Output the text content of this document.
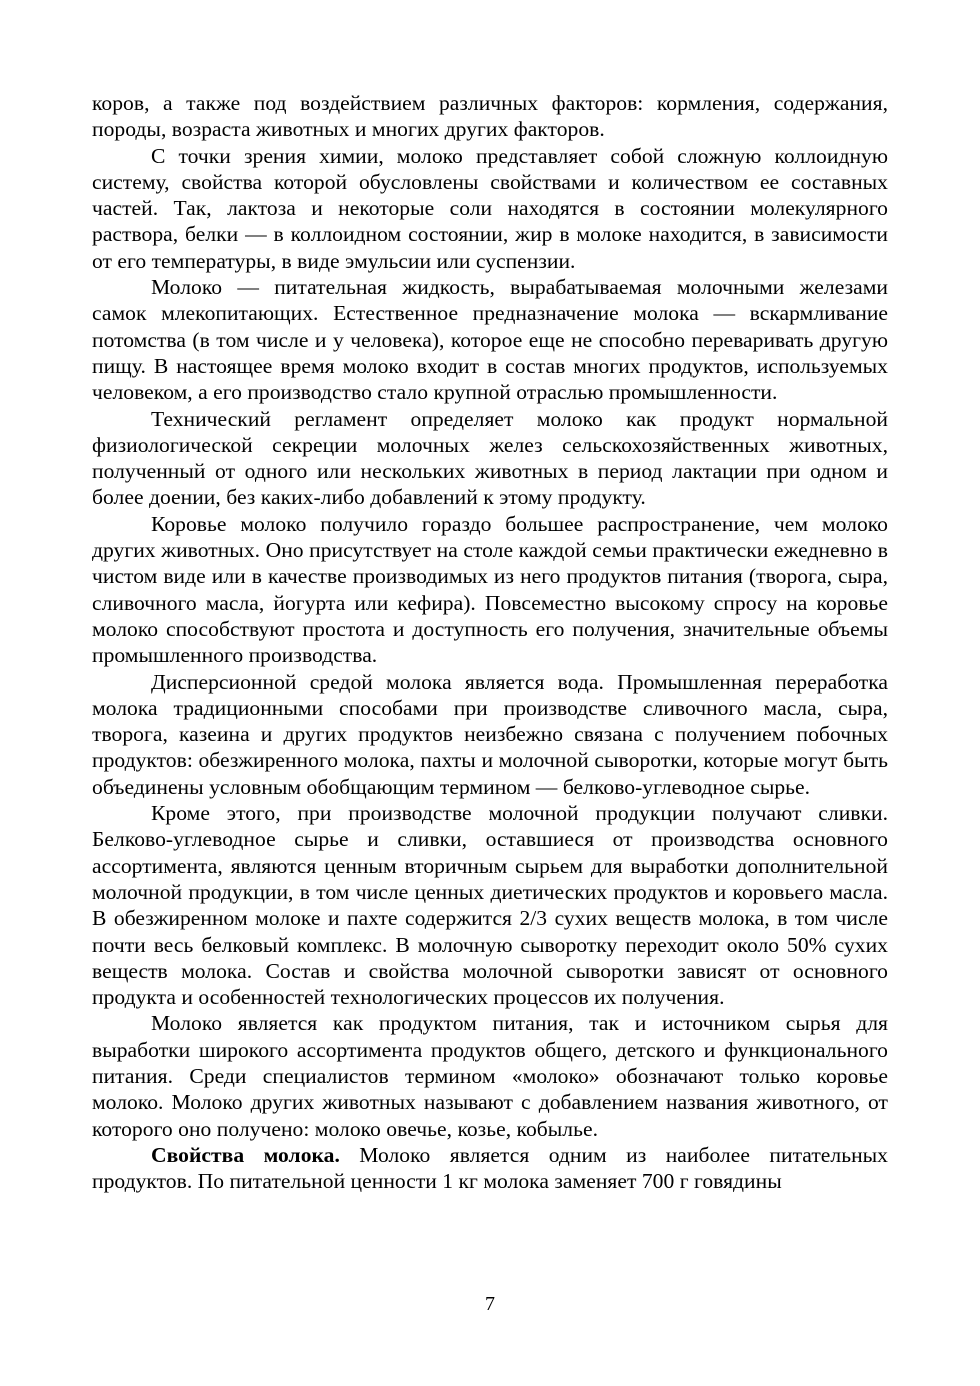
коров, а также под воздействием различных факторов: кормления, содержания, породы, возраста животных и многих других факторов.

С точки зрения химии, молоко представляет собой сложную коллоидную систему, свойства которой обусловлены свойствами и количеством ее составных частей. Так, лактоза и некоторые соли находятся в состоянии молекулярного раствора, белки — в коллоидном состоянии, жир в молоке находится, в зависимости от его температуры, в виде эмульсии или суспензии.

Молоко — питательная жидкость, вырабатываемая молочными железами самок млекопитающих. Естественное предназначение молока — вскармливание потомства (в том числе и у человека), которое еще не способно переваривать другую пищу. В настоящее время молоко входит в состав многих продуктов, используемых человеком, а его производство стало крупной отраслью промышленности.

Технический регламент определяет молоко как продукт нормальной физиологической секреции молочных желез сельскохозяйственных животных, полученный от одного или нескольких животных в период лактации при одном и более доении, без каких-либо добавлений к этому продукту.

Коровье молоко получило гораздо большее распространение, чем молоко других животных. Оно присутствует на столе каждой семьи практически ежедневно в чистом виде или в качестве производимых из него продуктов питания (творога, сыра, сливочного масла, йогурта или кефира). Повсеместно высокому спросу на коровье молоко способствуют простота и доступность его получения, значительные объемы промышленного производства.

Дисперсионной средой молока является вода. Промышленная переработка молока традиционными способами при производстве сливочного масла, сыра, творога, казеина и других продуктов неизбежно связана с получением побочных продуктов: обезжиренного молока, пахты и молочной сыворотки, которые могут быть объединены условным обобщающим термином — белково-углеводное сырье.

Кроме этого, при производстве молочной продукции получают сливки. Белково-углеводное сырье и сливки, оставшиеся от производства основного ассортимента, являются ценным вторичным сырьем для выработки дополнительной молочной продукции, в том числе ценных диетических продуктов и коровьего масла. В обезжиренном молоке и пахте содержится 2/3 сухих веществ молока, в том числе почти весь белковый комплекс. В молочную сыворотку переходит около 50% сухих веществ молока. Состав и свойства молочной сыворотки зависят от основного продукта и особенностей технологических процессов их получения.

Молоко является как продуктом питания, так и источником сырья для выработки широкого ассортимента продуктов общего, детского и функционального питания. Среди специалистов термином «молоко» обозначают только коровье молоко. Молоко других животных называют с добавлением названия животного, от которого оно получено: молоко овечье, козье, кобылье.

Свойства молока. Молоко является одним из наиболее питательных продуктов. По питательной ценности 1 кг молока заменяет 700 г говядины

7
